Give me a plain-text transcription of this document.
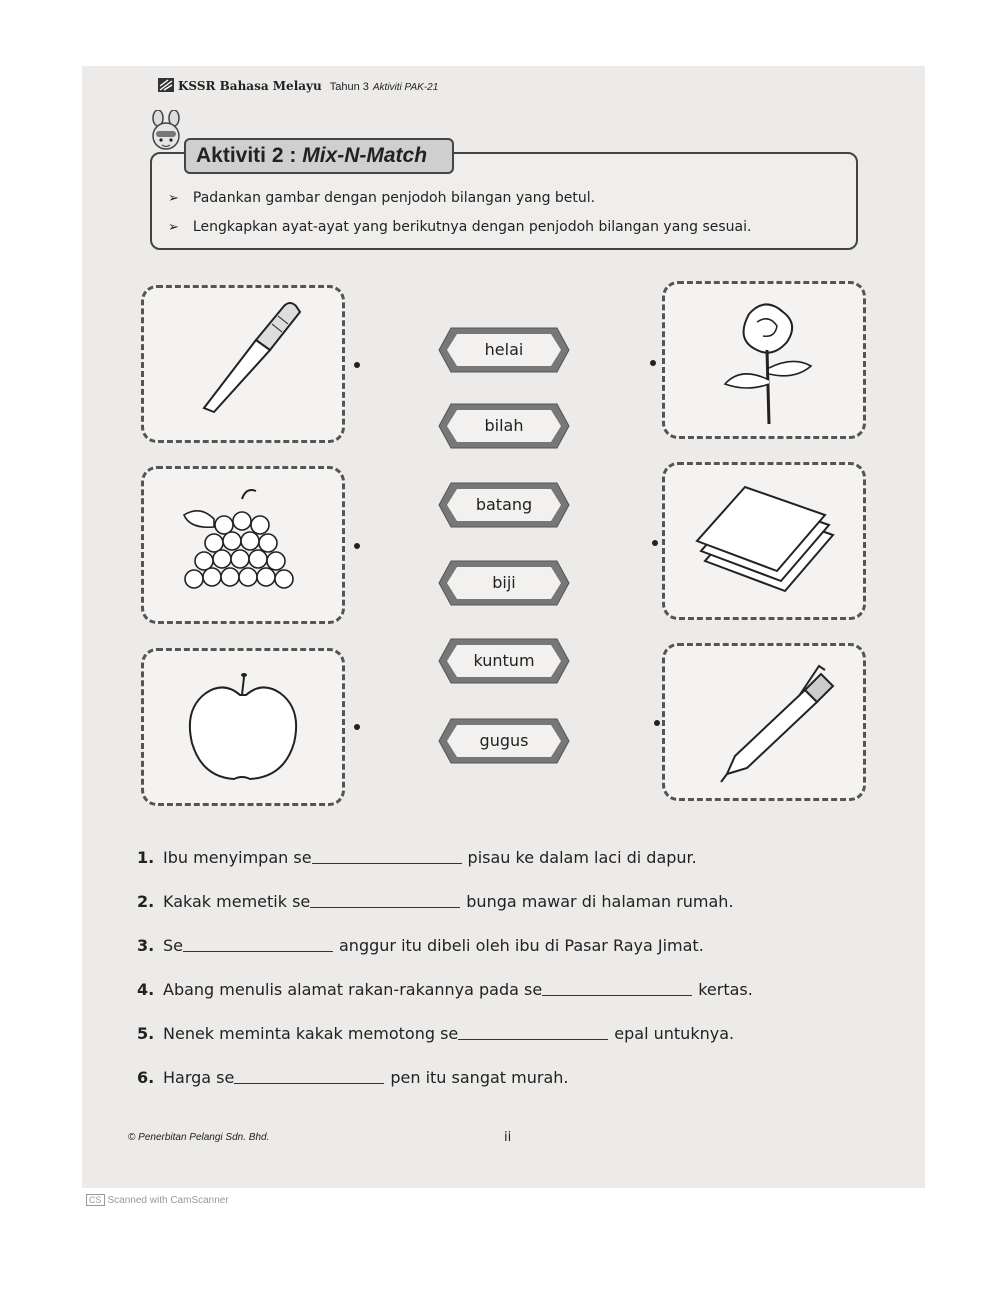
KSSR Bahasa Melayu Tahun 3 Aktiviti PAK-21
➢ Padankan gambar dengan penjodoh bilangan yang betul.
➢ Lengkapkan ayat-ayat yang berikutnya dengan penjodoh bilangan yang sesuai.
Aktiviti 2 : Mix-N-Match
helai
bilah
batang
biji
kuntum
gugus
1. Ibu menyimpan se	pisau ke dalam laci di dapur.
2. Kakak memetik se	bunga mawar di halaman rumah.
3. Se	anggur itu dibeli oleh ibu di Pasar Raya Jimat.
4. Abang menulis alamat rakan-rakannya pada se	kertas.
5. Nenek meminta kakak memotong se	epal untuknya.
6. Harga se	pen itu sangat murah.
© Penerbitan Pelangi Sdn. Bhd.	ii
CS Scanned with CamScanner
